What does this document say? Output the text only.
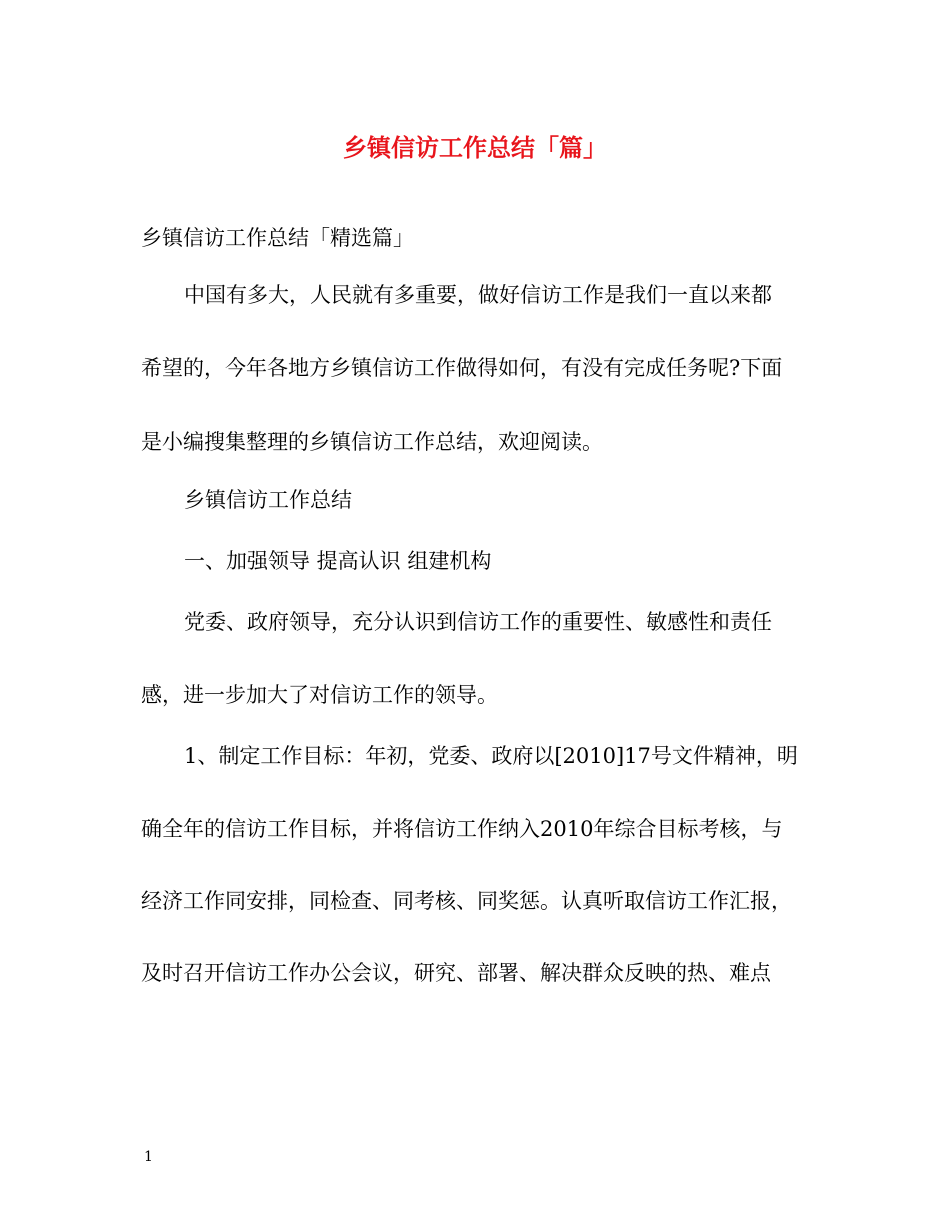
乡镇信访工作总结「篇」
乡镇信访工作总结「精选篇」
中国有多大，人民就有多重要，做好信访工作是我们一直以来都
希望的，今年各地方乡镇信访工作做得如何，有没有完成任务呢?下面
是小编搜集整理的乡镇信访工作总结，欢迎阅读。
乡镇信访工作总结
一、加强领导 提高认识 组建机构
党委、政府领导，充分认识到信访工作的重要性、敏感性和责任
感，进一步加大了对信访工作的领导。
1、制定工作目标：年初，党委、政府以[2010]17号文件精神，明
确全年的信访工作目标，并将信访工作纳入2010年综合目标考核，与
经济工作同安排，同检查、同考核、同奖惩。认真听取信访工作汇报，
及时召开信访工作办公会议，研究、部署、解决群众反映的热、难点
1
